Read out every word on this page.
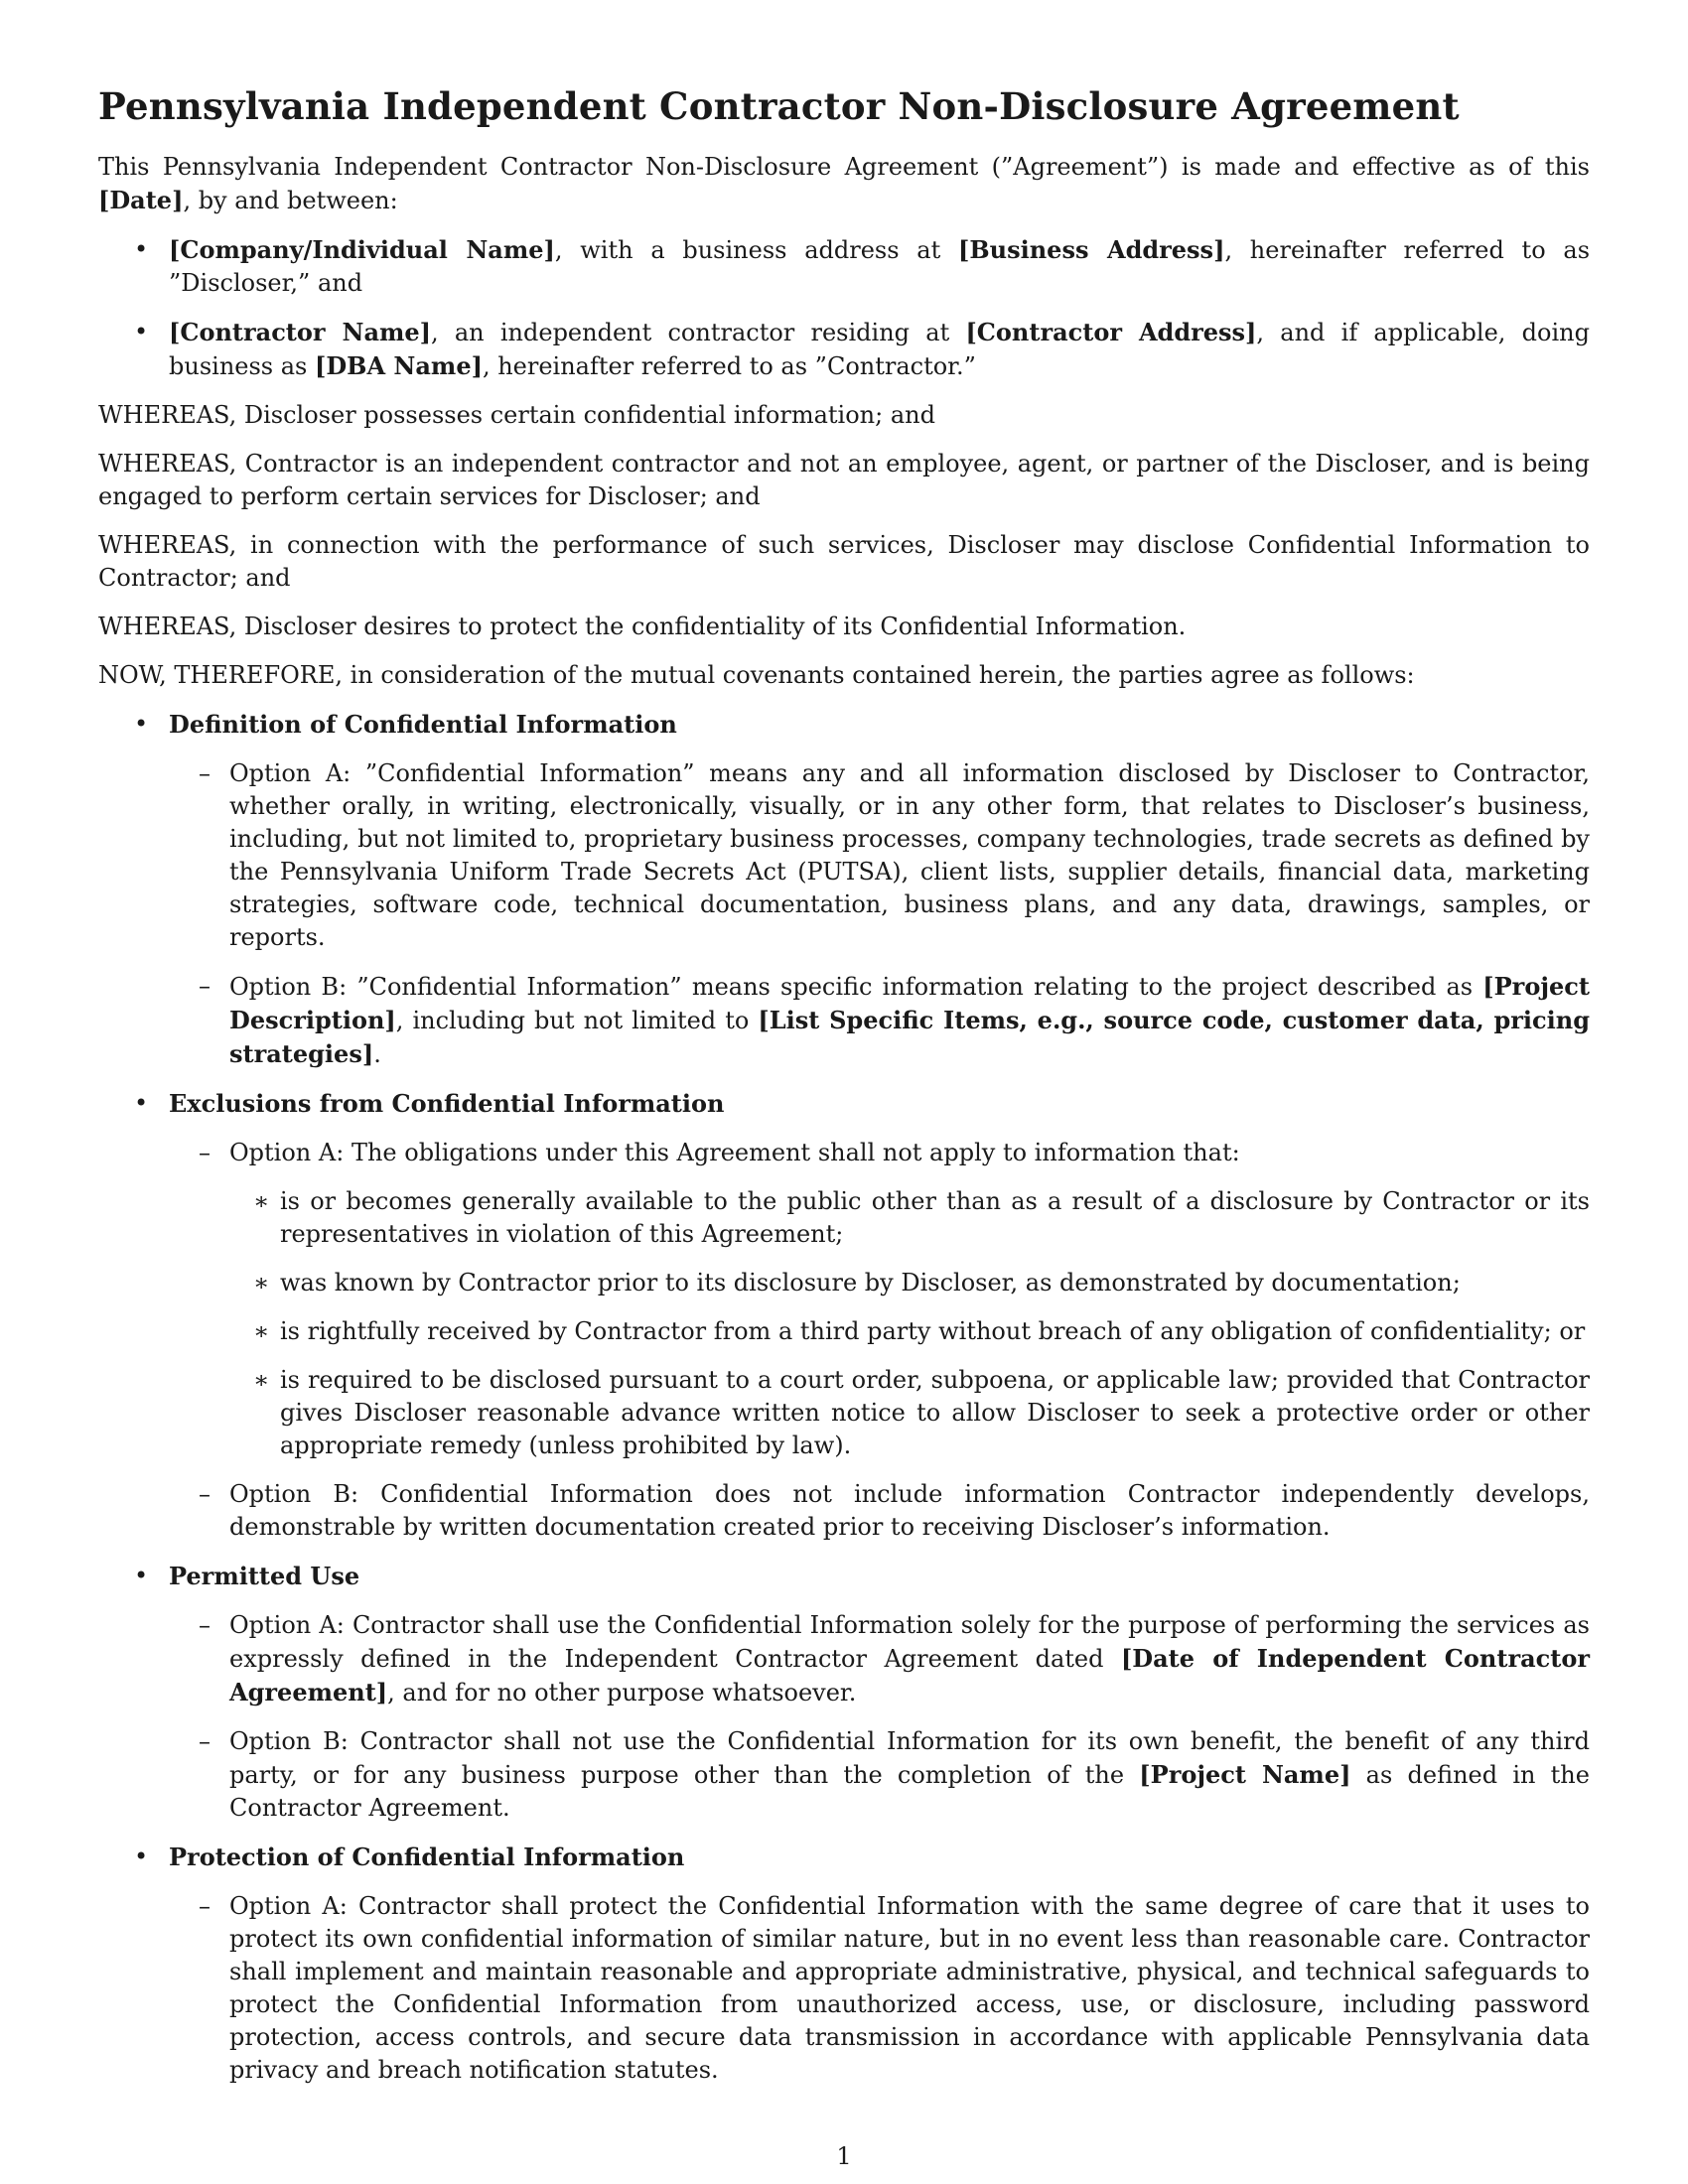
Pennsylvania Independent Contractor Non-Disclosure Agreement

This Pennsylvania Independent Contractor Non-Disclosure Agreement (”Agreement”) is made and effective as of this [Date], by and between:

• [Company/Individual Name], with a business address at [Business Address], hereinafter referred to as ”Discloser,” and
• [Contractor Name], an independent contractor residing at [Contractor Address], and if applicable, doing business as [DBA Name], hereinafter referred to as ”Contractor.”

WHEREAS, Discloser possesses certain confidential information; and

WHEREAS, Contractor is an independent contractor and not an employee, agent, or partner of the Discloser, and is being engaged to perform certain services for Discloser; and

WHEREAS, in connection with the performance of such services, Discloser may disclose Confidential Information to Contractor; and

WHEREAS, Discloser desires to protect the confidentiality of its Confidential Information.

NOW, THEREFORE, in consideration of the mutual covenants contained herein, the parties agree as follows:

• Definition of Confidential Information
– Option A: ”Confidential Information” means any and all information disclosed by Discloser to Contractor, whether orally, in writing, electronically, visually, or in any other form, that relates to Discloser’s business, including, but not limited to, proprietary business processes, company technologies, trade secrets as defined by the Pennsylvania Uniform Trade Secrets Act (PUTSA), client lists, supplier details, financial data, marketing strategies, software code, technical documentation, business plans, and any data, drawings, samples, or reports.
– Option B: ”Confidential Information” means specific information relating to the project described as [Project Description], including but not limited to [List Specific Items, e.g., source code, customer data, pricing strategies].
• Exclusions from Confidential Information
– Option A: The obligations under this Agreement shall not apply to information that:
∗ is or becomes generally available to the public other than as a result of a disclosure by Contractor or its representatives in violation of this Agreement;
∗ was known by Contractor prior to its disclosure by Discloser, as demonstrated by documentation;
∗ is rightfully received by Contractor from a third party without breach of any obligation of confidentiality; or
∗ is required to be disclosed pursuant to a court order, subpoena, or applicable law; provided that Contractor gives Discloser reasonable advance written notice to allow Discloser to seek a protective order or other appropriate remedy (unless prohibited by law).
– Option B: Confidential Information does not include information Contractor independently develops, demonstrable by written documentation created prior to receiving Discloser’s information.
• Permitted Use
– Option A: Contractor shall use the Confidential Information solely for the purpose of performing the services as expressly defined in the Independent Contractor Agreement dated [Date of Independent Contractor Agreement], and for no other purpose whatsoever.
– Option B: Contractor shall not use the Confidential Information for its own benefit, the benefit of any third party, or for any business purpose other than the completion of the [Project Name] as defined in the Contractor Agreement.
• Protection of Confidential Information
– Option A: Contractor shall protect the Confidential Information with the same degree of care that it uses to protect its own confidential information of similar nature, but in no event less than reasonable care. Contractor shall implement and maintain reasonable and appropriate administrative, physical, and technical safeguards to protect the Confidential Information from unauthorized access, use, or disclosure, including password protection, access controls, and secure data transmission in accordance with applicable Pennsylvania data privacy and breach notification statutes.
1
